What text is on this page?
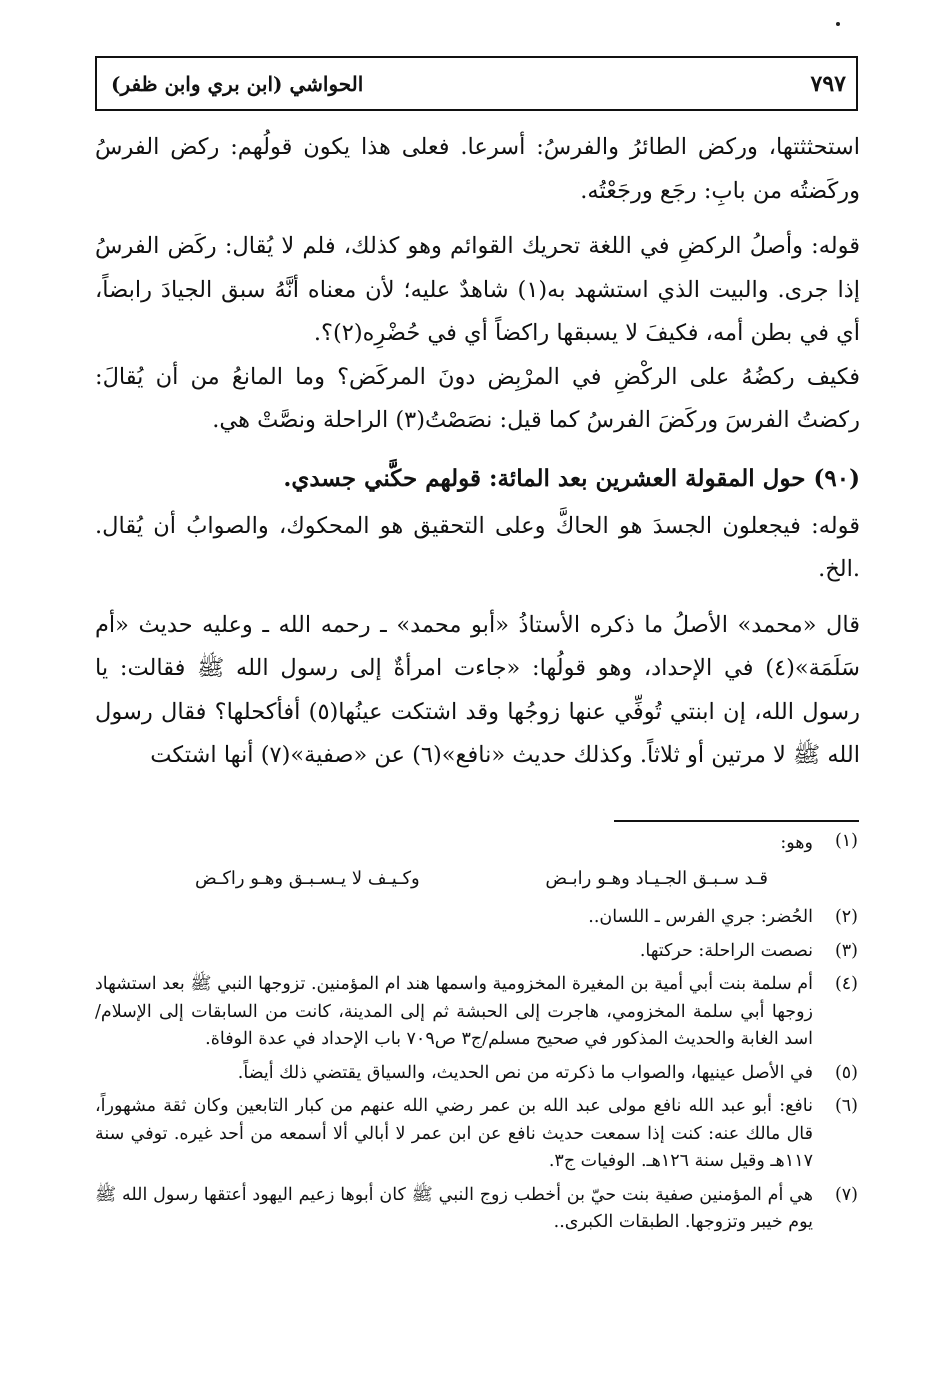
الحواشي (ابن بري وابن ظفر)	٧٩٧

استحثثتها، وركض الطائرُ والفرسُ: أسرعا. فعلى هذا يكون قولُهم: ركض الفرسُ وركَضتُه من بابِ: رجَع ورجَعْتُه.

قوله: وأصلُ الركضِ في اللغة تحريك القوائم وهو كذلك، فلم لا يُقال: ركَض الفرسُ إذا جرى. والبيت الذي استشهد به(١) شاهدٌ عليه؛ لأن معناه أنَّهُ سبق الجيادَ رابضاً، أي في بطن أمه، فكيفَ لا يسبقها راكضاً أي في حُضْرِه(٢)؟.

فكيف ركضُهُ على الركْضِ في المرْبِض دونَ المركَض؟ وما المانعُ من أن يُقالَ: ركضتُ الفرسَ وركَضَ الفرسُ كما قيل: نصَصْتُ(٣) الراحلة ونصَّتْ هي.

(٩٠) حول المقولة العشرين بعد المائة: قولهم حكَّني جسدي.

قوله: فيجعلون الجسدَ هو الحاكَّ وعلى التحقيق هو المحكوك، والصوابُ أن يُقال. .الخ.

قال «محمد» الأصلُ ما ذكره الأستاذُ «أبو محمد» ـ رحمه الله ـ وعليه حديث «أم سَلَمَة»(٤) في الإحداد، وهو قولُها: «جاءت امرأةٌ إلى رسول الله ﷺ فقالت: يا رسول الله، إن ابنتي تُوفِّي عنها زوجُها وقد اشتكت عينُها(٥) أفأكحلها؟ فقال رسول الله ﷺ لا مرتين أو ثلاثاً. وكذلك حديث «نافع»(٦) عن «صفية»(٧) أنها اشتكت

(١)
وهو:
قـد سـبـق الجـيـاد وهـو رابـض
وكـيـف لا يـسـبـق وهـو راكـض
(٢)
الحُضر: جري الفرس ـ اللسان..
(٣)
نصصت الراحلة: حركتها.
(٤)
أم سلمة بنت أبي أمية بن المغيرة المخزومية واسمها هند ام المؤمنين. تزوجها النبي ﷺ بعد استشهاد زوجها أبي سلمة المخزومي، هاجرت إلى الحبشة ثم إلى المدينة، كانت من السابقات إلى الإسلام/اسد الغابة والحديث المذكور في صحيح مسلم/ج٣ ص٧٠٩ باب الإحداد في عدة الوفاة.
(٥)
في الأصل عينيها، والصواب ما ذكرته من نص الحديث، والسياق يقتضي ذلك أيضاً.
(٦)
نافع: أبو عبد الله نافع مولى عبد الله بن عمر رضي الله عنهم من كبار التابعين وكان ثقة مشهوراً، قال مالك عنه: كنت إذا سمعت حديث نافع عن ابن عمر لا أبالي ألا أسمعه من أحد غيره. توفي سنة ١١٧هـ وقيل سنة ١٢٦هـ. الوفيات ج٣.
(٧)
هي أم المؤمنين صفية بنت حيّ بن أخطب زوج النبي ﷺ كان أبوها زعيم اليهود أعتقها رسول الله ﷺ يوم خيبر وتزوجها. الطبقات الكبرى..
